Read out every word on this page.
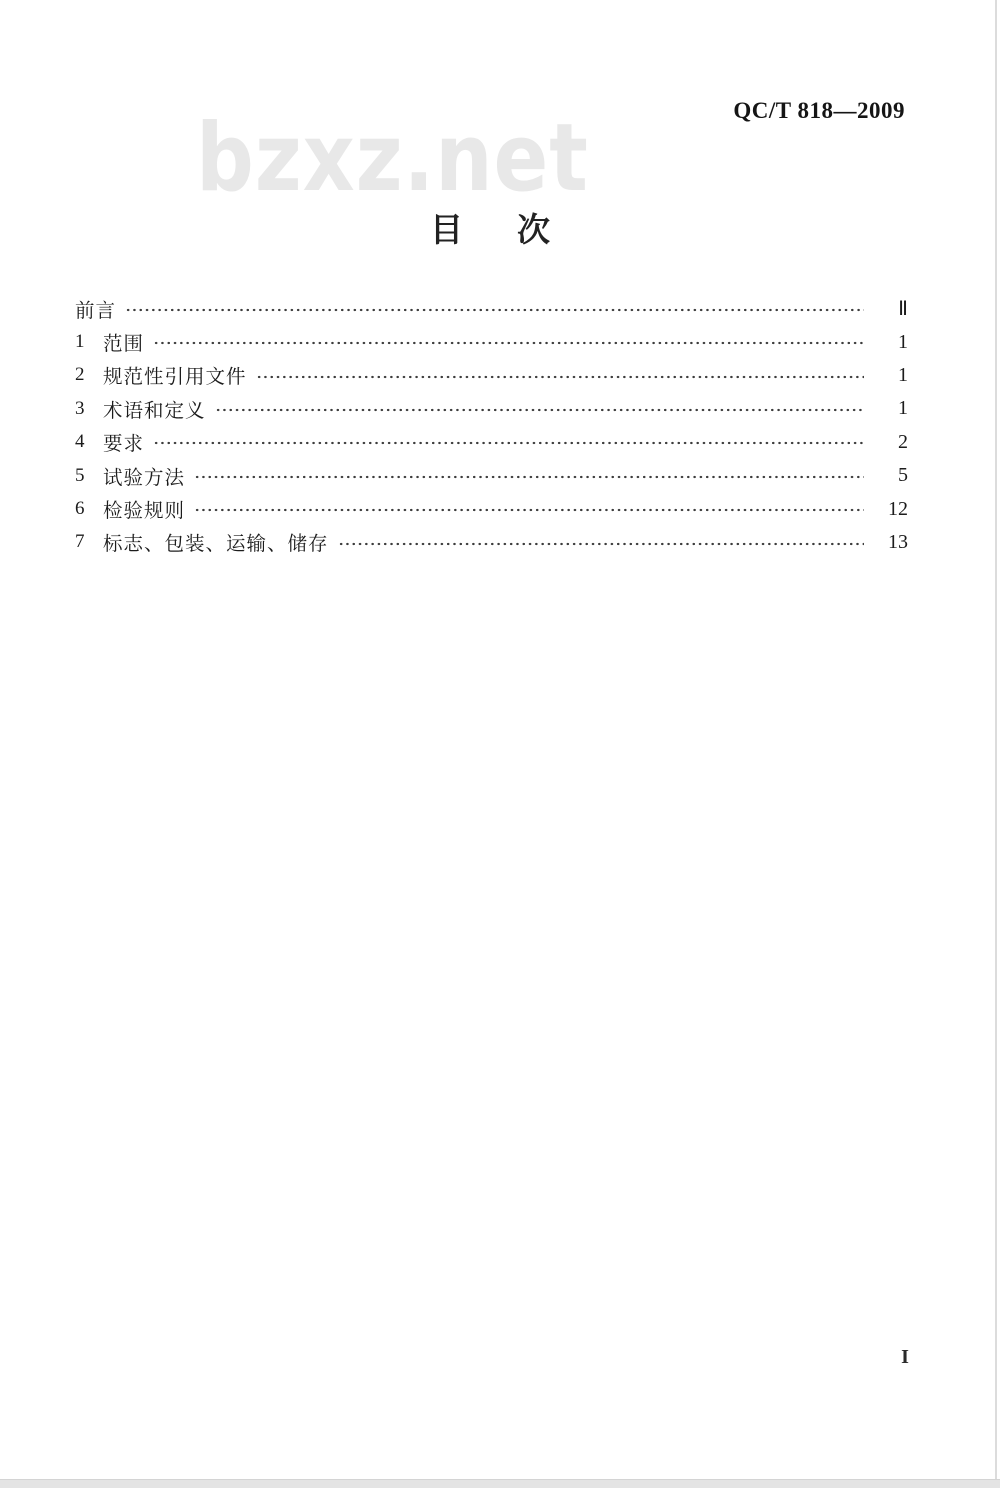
bzxz.net	QC/T 818—2009
目 次
前言	Ⅱ
1 范围	1
2 规范性引用文件	1
3 术语和定义	1
4 要求	2
5 试验方法	5
6 检验规则	12
7 标志、包装、运输、储存	13
I
